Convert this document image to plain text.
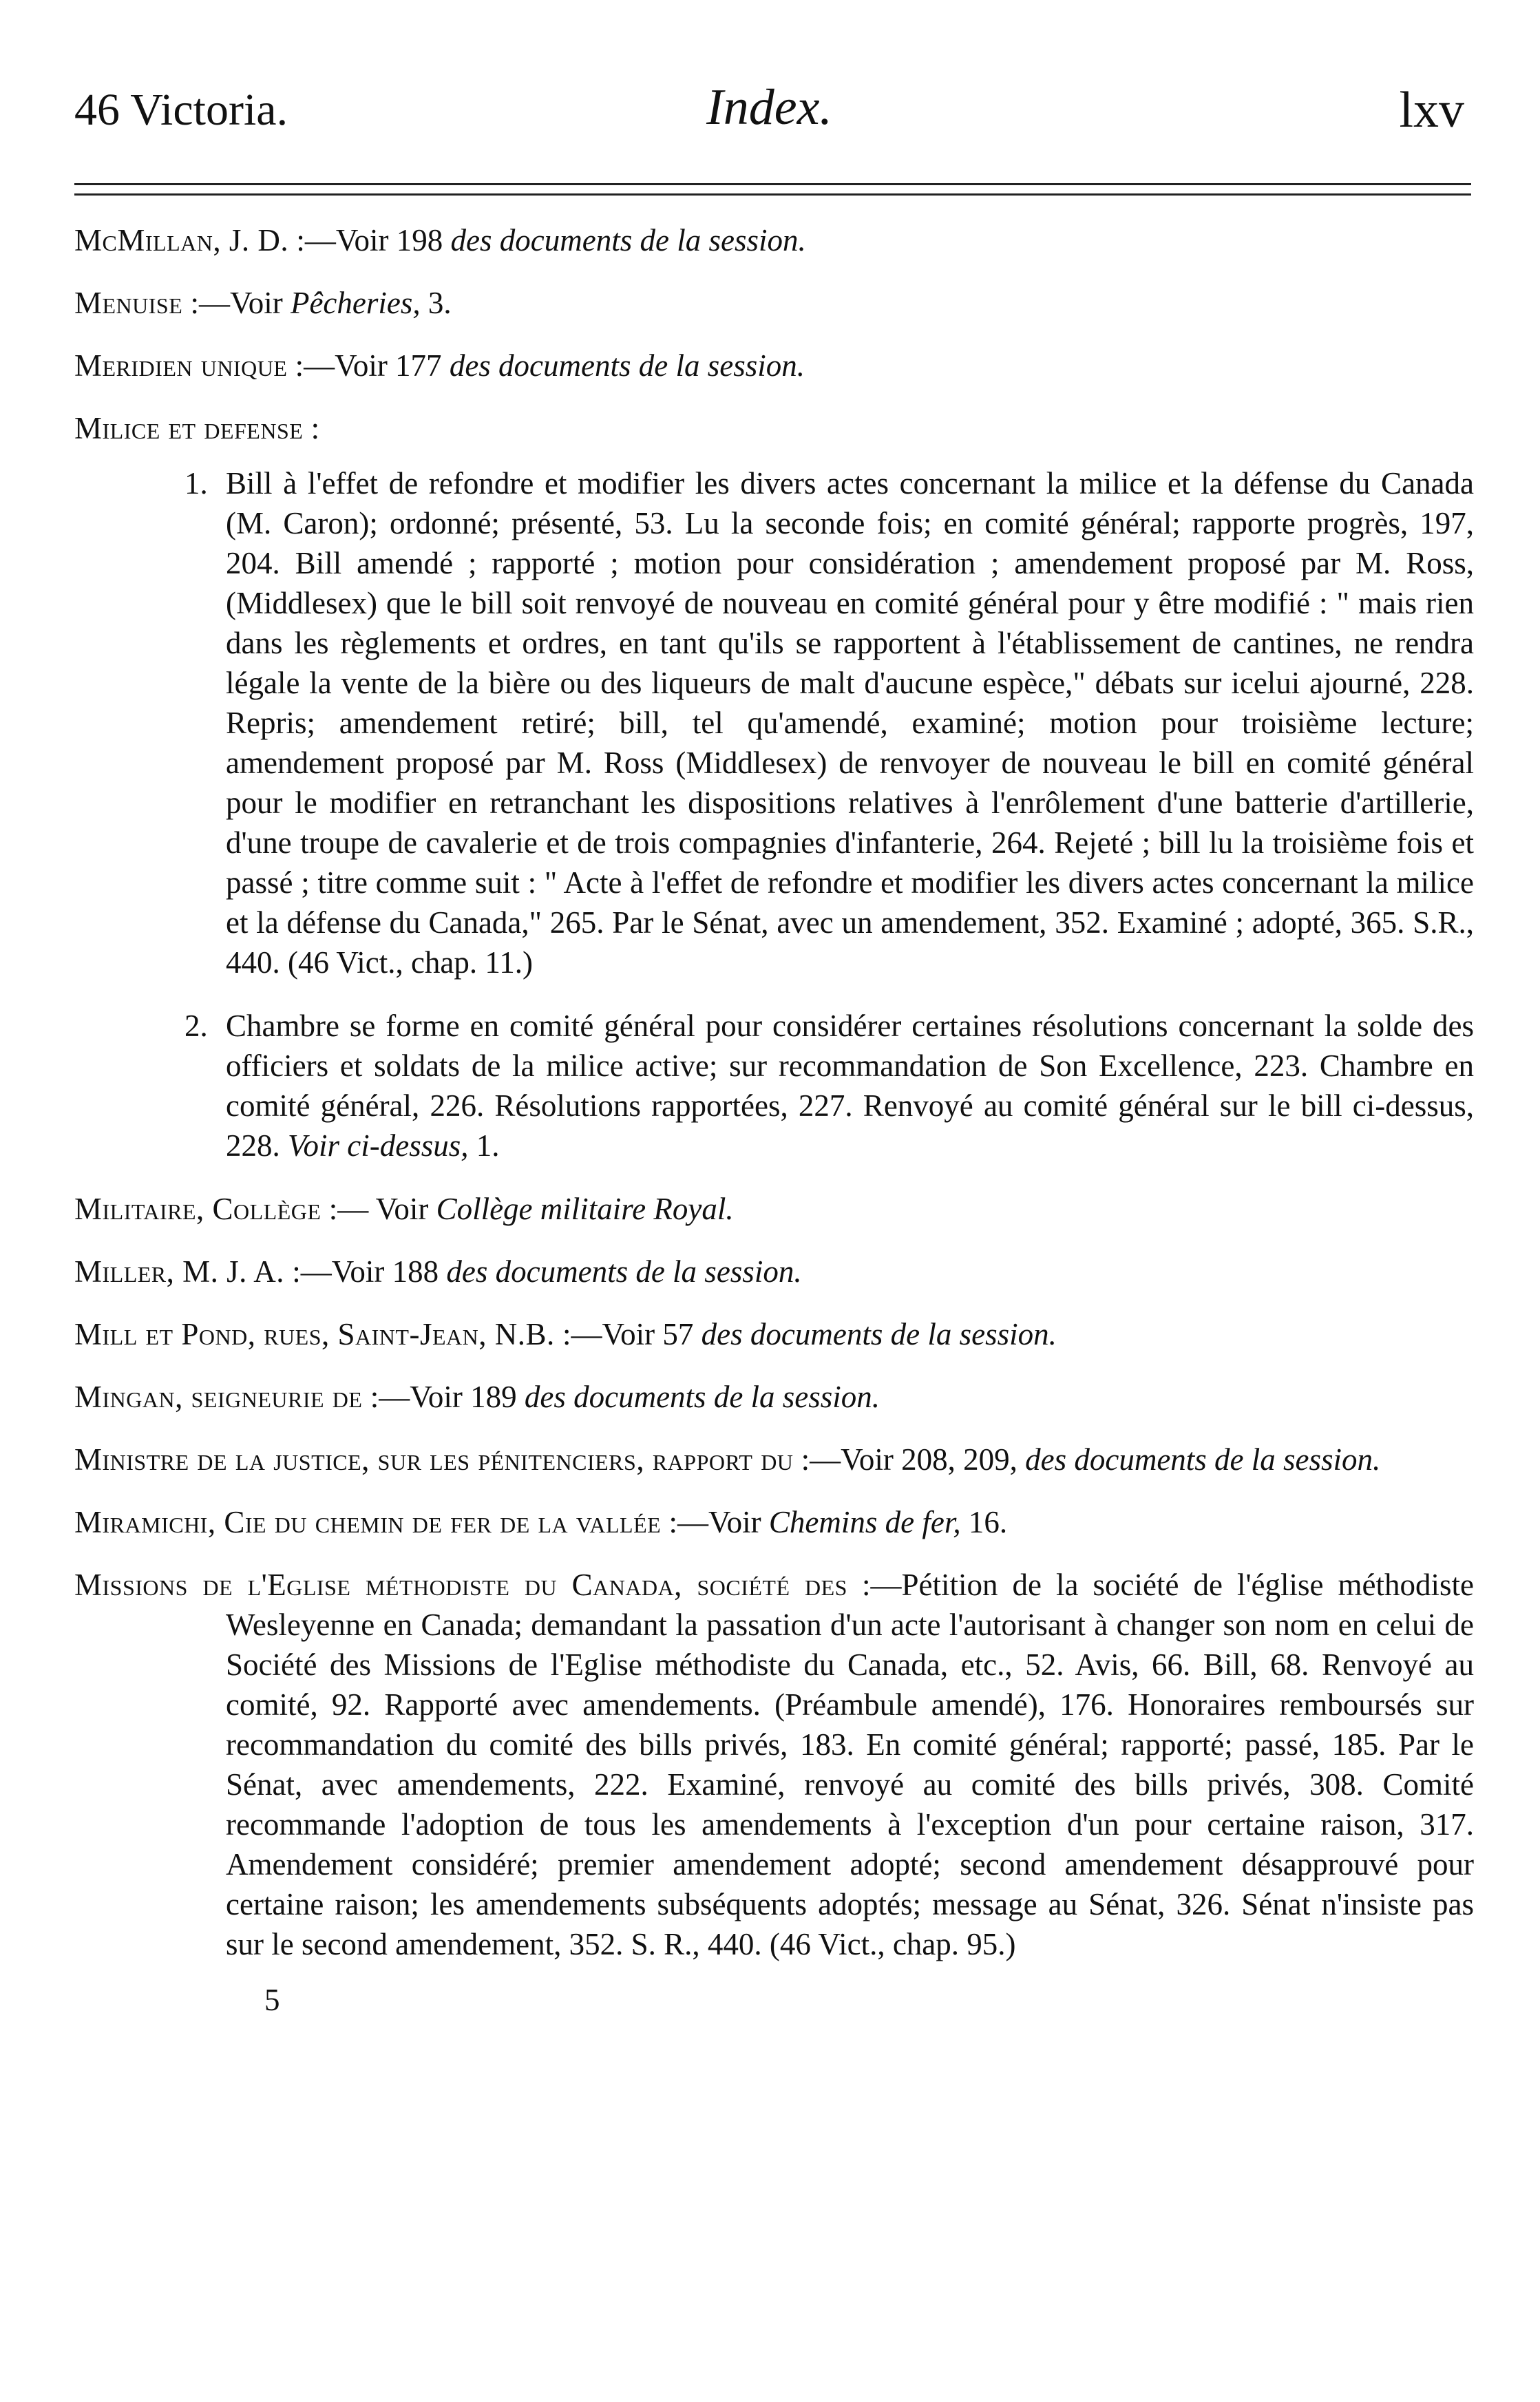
46 Victoria.	Index.	lxv

McMillan, J. D. :—Voir 198 des documents de la session.

Menuise :—Voir Pêcheries, 3.

Meridien unique :—Voir 177 des documents de la session.

Milice et defense :

1. Bill à l'effet de refondre et modifier les divers actes concernant la milice et la défense du Canada (M. Caron); ordonné; présenté, 53. Lu la seconde fois; en comité général; rapporte progrès, 197, 204. Bill amendé ; rapporté ; motion pour considération ; amendement proposé par M. Ross, (Middlesex) que le bill soit renvoyé de nouveau en comité général pour y être modifié : " mais rien dans les règlements et ordres, en tant qu'ils se rapportent à l'établissement de cantines, ne rendra légale la vente de la bière ou des liqueurs de malt d'aucune espèce," débats sur icelui ajourné, 228. Repris; amendement retiré; bill, tel qu'amendé, examiné; motion pour troisième lecture; amendement proposé par M. Ross (Middlesex) de renvoyer de nouveau le bill en comité général pour le modifier en retranchant les dispositions relatives à l'enrôlement d'une batterie d'artillerie, d'une troupe de cavalerie et de trois compagnies d'infanterie, 264. Rejeté ; bill lu la troisième fois et passé ; titre comme suit : " Acte à l'effet de refondre et modifier les divers actes concernant la milice et la défense du Canada," 265. Par le Sénat, avec un amendement, 352. Examiné ; adopté, 365. S.R., 440. (46 Vict., chap. 11.)

2. Chambre se forme en comité général pour considérer certaines résolutions concernant la solde des officiers et soldats de la milice active; sur recommandation de Son Excellence, 223. Chambre en comité général, 226. Résolutions rapportées, 227. Renvoyé au comité général sur le bill ci-dessus, 228. Voir ci-dessus, 1.

Militaire, Collège :— Voir Collège militaire Royal.

Miller, M. J. A. :—Voir 188 des documents de la session.

Mill et Pond, rues, Saint-Jean, N.B. :—Voir 57 des documents de la session.

Mingan, seigneurie de :—Voir 189 des documents de la session.

Ministre de la justice, sur les pénitenciers, rapport du :—Voir 208, 209, des documents de la session.

Miramichi, Cie du chemin de fer de la vallée :—Voir Chemins de fer, 16.

Missions de l'Eglise méthodiste du Canada, société des :—Pétition de la société de l'église méthodiste Wesleyenne en Canada; demandant la passation d'un acte l'autorisant à changer son nom en celui de Société des Missions de l'Eglise méthodiste du Canada, etc., 52. Avis, 66. Bill, 68. Renvoyé au comité, 92. Rapporté avec amendements. (Préambule amendé), 176. Honoraires remboursés sur recommandation du comité des bills privés, 183. En comité général; rapporté; passé, 185. Par le Sénat, avec amendements, 222. Examiné, renvoyé au comité des bills privés, 308. Comité recommande l'adoption de tous les amendements à l'exception d'un pour certaine raison, 317. Amendement considéré; premier amendement adopté; second amendement désapprouvé pour certaine raison; les amendements subséquents adoptés; message au Sénat, 326. Sénat n'insiste pas sur le second amendement, 352. S. R., 440. (46 Vict., chap. 95.)

5
